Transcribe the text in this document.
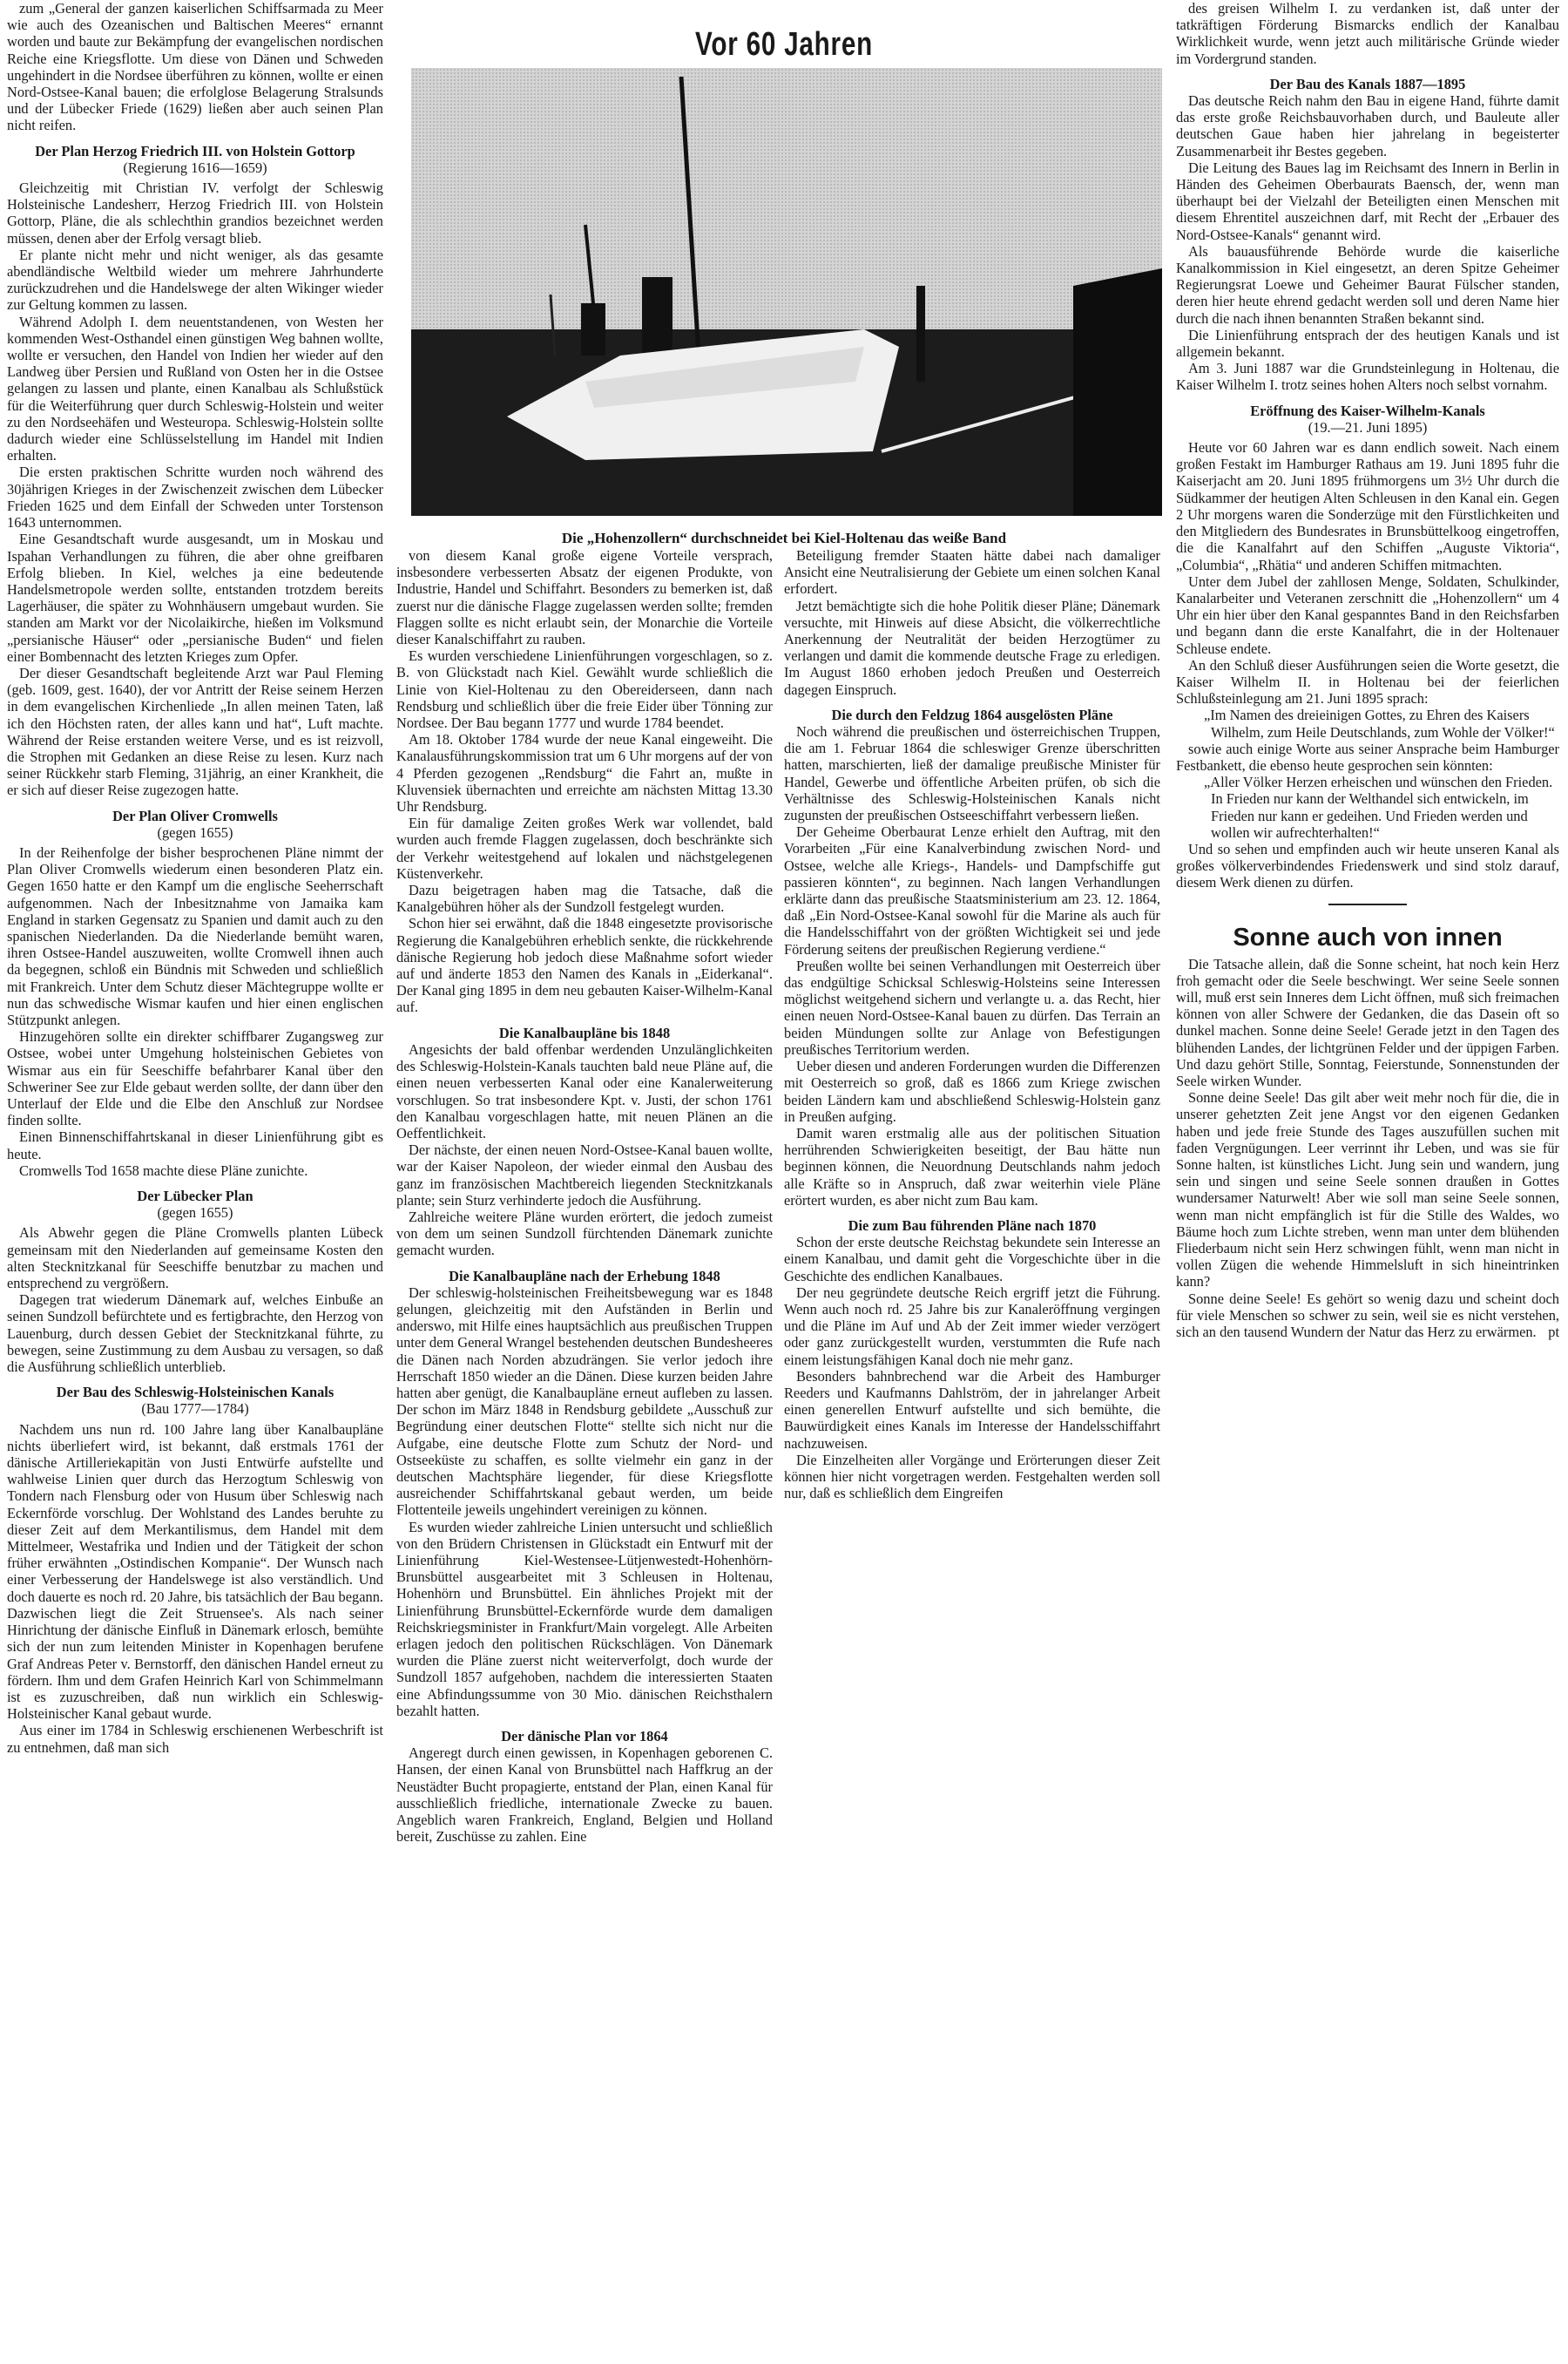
Vor 60 Jahren
Die „Hohenzollern“ durchschneidet bei Kiel-Holtenau das weiße Band

zum „General der ganzen kaiserlichen Schiffsarmada zu Meer wie auch des Ozeanischen und Baltischen Meeres“ ernannt worden und baute zur Bekämpfung der evangelischen nordischen Reiche eine Kriegsflotte. Um diese von Dänen und Schweden ungehindert in die Nordsee überführen zu können, wollte er einen Nord-Ostsee-Kanal bauen; die erfolglose Belagerung Stralsunds und der Lübecker Friede (1629) ließen aber auch seinen Plan nicht reifen.

Der Plan Herzog Friedrich III. von Holstein Gottorp
(Regierung 1616—1659)

Gleichzeitig mit Christian IV. verfolgt der Schleswig Holsteinische Landesherr, Herzog Friedrich III. von Holstein Gottorp, Pläne, die als schlechthin grandios bezeichnet werden müssen, denen aber der Erfolg versagt blieb.

Er plante nicht mehr und nicht weniger, als das gesamte abendländische Weltbild wieder um mehrere Jahrhunderte zurückzudrehen und die Handelswege der alten Wikinger wieder zur Geltung kommen zu lassen.

Während Adolph I. dem neuentstandenen, von Westen her kommenden West-Osthandel einen günstigen Weg bahnen wollte, wollte er versuchen, den Handel von Indien her wieder auf den Landweg über Persien und Rußland von Osten her in die Ostsee gelangen zu lassen und plante, einen Kanalbau als Schlußstück für die Weiterführung quer durch Schleswig-Holstein und weiter zu den Nordseehäfen und Westeuropa. Schleswig-Holstein sollte dadurch wieder eine Schlüsselstellung im Handel mit Indien erhalten.

Die ersten praktischen Schritte wurden noch während des 30jährigen Krieges in der Zwischenzeit zwischen dem Lübecker Frieden 1625 und dem Einfall der Schweden unter Torstenson 1643 unternommen.

Eine Gesandtschaft wurde ausgesandt, um in Moskau und Ispahan Verhandlungen zu führen, die aber ohne greifbaren Erfolg blieben. In Kiel, welches ja eine bedeutende Handelsmetropole werden sollte, entstanden trotzdem bereits Lagerhäuser, die später zu Wohnhäusern umgebaut wurden. Sie standen am Markt vor der Nicolaikirche, hießen im Volksmund „persianische Häuser“ oder „persianische Buden“ und fielen einer Bombennacht des letzten Krieges zum Opfer.

Der dieser Gesandtschaft begleitende Arzt war Paul Fleming (geb. 1609, gest. 1640), der vor Antritt der Reise seinem Herzen in dem evangelischen Kirchenliede „In allen meinen Taten, laß ich den Höchsten raten, der alles kann und hat“, Luft machte. Während der Reise erstanden weitere Verse, und es ist reizvoll, die Strophen mit Gedanken an diese Reise zu lesen. Kurz nach seiner Rückkehr starb Fleming, 31jährig, an einer Krankheit, die er sich auf dieser Reise zugezogen hatte.

Der Plan Oliver Cromwells
(gegen 1655)

In der Reihenfolge der bisher besprochenen Pläne nimmt der Plan Oliver Cromwells wiederum einen besonderen Platz ein. Gegen 1650 hatte er den Kampf um die englische Seeherrschaft aufgenommen. Nach der Inbesitznahme von Jamaika kam England in starken Gegensatz zu Spanien und damit auch zu den spanischen Niederlanden. Da die Niederlande bemüht waren, ihren Ostsee-Handel auszuweiten, wollte Cromwell ihnen auch da begegnen, schloß ein Bündnis mit Schweden und schließlich mit Frankreich. Unter dem Schutz dieser Mächtegruppe wollte er nun das schwedische Wismar kaufen und hier einen englischen Stützpunkt anlegen.

Hinzugehören sollte ein direkter schiffbarer Zugangsweg zur Ostsee, wobei unter Umgehung holsteinischen Gebietes von Wismar aus ein für Seeschiffe befahrbarer Kanal über den Schweriner See zur Elde gebaut werden sollte, der dann über den Unterlauf der Elde und die Elbe den Anschluß zur Nordsee finden sollte.

Einen Binnenschiffahrtskanal in dieser Linienführung gibt es heute.

Cromwells Tod 1658 machte diese Pläne zunichte.

Der Lübecker Plan
(gegen 1655)

Als Abwehr gegen die Pläne Cromwells planten Lübeck gemeinsam mit den Niederlanden auf gemeinsame Kosten den alten Stecknitzkanal für Seeschiffe benutzbar zu machen und entsprechend zu vergrößern.

Dagegen trat wiederum Dänemark auf, welches Einbuße an seinen Sundzoll befürchtete und es fertigbrachte, den Herzog von Lauenburg, durch dessen Gebiet der Stecknitzkanal führte, zu bewegen, seine Zustimmung zu dem Ausbau zu versagen, so daß die Ausführung schließlich unterblieb.

Der Bau des Schleswig-Holsteinischen Kanals
(Bau 1777—1784)

Nachdem uns nun rd. 100 Jahre lang über Kanalbaupläne nichts überliefert wird, ist bekannt, daß erstmals 1761 der dänische Artilleriekapitän von Justi Entwürfe aufstellte und wahlweise Linien quer durch das Herzogtum Schleswig von Tondern nach Flensburg oder von Husum über Schleswig nach Eckernförde vorschlug. Der Wohlstand des Landes beruhte zu dieser Zeit auf dem Merkantilismus, dem Handel mit dem Mittelmeer, Westafrika und Indien und der Tätigkeit der schon früher erwähnten „Ostindischen Kompanie“. Der Wunsch nach einer Verbesserung der Handelswege ist also verständlich. Und doch dauerte es noch rd. 20 Jahre, bis tatsächlich der Bau begann. Dazwischen liegt die Zeit Struensee's. Als nach seiner Hinrichtung der dänische Einfluß in Dänemark erlosch, bemühte sich der nun zum leitenden Minister in Kopenhagen berufene Graf Andreas Peter v. Bernstorff, den dänischen Handel erneut zu fördern. Ihm und dem Grafen Heinrich Karl von Schimmelmann ist es zuzuschreiben, daß nun wirklich ein Schleswig-Holsteinischer Kanal gebaut wurde.

Aus einer im 1784 in Schleswig erschienenen Werbeschrift ist zu entnehmen, daß man sich

von diesem Kanal große eigene Vorteile versprach, insbesondere verbesserten Absatz der eigenen Produkte, von Industrie, Handel und Schiffahrt. Besonders zu bemerken ist, daß zuerst nur die dänische Flagge zugelassen werden sollte; fremden Flaggen sollte es nicht erlaubt sein, der Monarchie die Vorteile dieser Kanalschiffahrt zu rauben.

Es wurden verschiedene Linienführungen vorgeschlagen, so z. B. von Glückstadt nach Kiel. Gewählt wurde schließlich die Linie von Kiel-Holtenau zu den Obereiderseen, dann nach Rendsburg und schließlich über die freie Eider über Tönning zur Nordsee. Der Bau begann 1777 und wurde 1784 beendet.

Am 18. Oktober 1784 wurde der neue Kanal eingeweiht. Die Kanalausführungskommission trat um 6 Uhr morgens auf der von 4 Pferden gezogenen „Rendsburg“ die Fahrt an, mußte in Kluvensiek übernachten und erreichte am nächsten Mittag 13.30 Uhr Rendsburg.

Ein für damalige Zeiten großes Werk war vollendet, bald wurden auch fremde Flaggen zugelassen, doch beschränkte sich der Verkehr weitestgehend auf lokalen und nächstgelegenen Küstenverkehr.

Dazu beigetragen haben mag die Tatsache, daß die Kanalgebühren höher als der Sundzoll festgelegt wurden.

Schon hier sei erwähnt, daß die 1848 eingesetzte provisorische Regierung die Kanalgebühren erheblich senkte, die rückkehrende dänische Regierung hob jedoch diese Maßnahme sofort wieder auf und änderte 1853 den Namen des Kanals in „Eiderkanal“. Der Kanal ging 1895 in dem neu gebauten Kaiser-Wilhelm-Kanal auf.

Die Kanalbaupläne bis 1848

Angesichts der bald offenbar werdenden Unzulänglichkeiten des Schleswig-Holstein-Kanals tauchten bald neue Pläne auf, die einen neuen verbesserten Kanal oder eine Kanalerweiterung vorschlugen. So trat insbesondere Kpt. v. Justi, der schon 1761 den Kanalbau vorgeschlagen hatte, mit neuen Plänen an die Oeffentlichkeit.

Der nächste, der einen neuen Nord-Ostsee-Kanal bauen wollte, war der Kaiser Napoleon, der wieder einmal den Ausbau des ganz im französischen Machtbereich liegenden Stecknitzkanals plante; sein Sturz verhinderte jedoch die Ausführung.

Zahlreiche weitere Pläne wurden erörtert, die jedoch zumeist von dem um seinen Sundzoll fürchtenden Dänemark zunichte gemacht wurden.

Die Kanalbaupläne nach der Erhebung 1848

Der schleswig-holsteinischen Freiheitsbewegung war es 1848 gelungen, gleichzeitig mit den Aufständen in Berlin und anderswo, mit Hilfe eines hauptsächlich aus preußischen Truppen unter dem General Wrangel bestehenden deutschen Bundesheeres die Dänen nach Norden abzudrängen. Sie verlor jedoch ihre Herrschaft 1850 wieder an die Dänen. Diese kurzen beiden Jahre hatten aber genügt, die Kanalbaupläne erneut aufleben zu lassen. Der schon im März 1848 in Rendsburg gebildete „Ausschuß zur Begründung einer deutschen Flotte“ stellte sich nicht nur die Aufgabe, eine deutsche Flotte zum Schutz der Nord- und Ostseeküste zu schaffen, es sollte vielmehr ein ganz in der deutschen Machtsphäre liegender, für diese Kriegsflotte ausreichender Schiffahrtskanal gebaut werden, um beide Flottenteile jeweils ungehindert vereinigen zu können.

Es wurden wieder zahlreiche Linien untersucht und schließlich von den Brüdern Christensen in Glückstadt ein Entwurf mit der Linienführung Kiel-Westensee-Lütjenwestedt-Hohenhörn-Brunsbüttel ausgearbeitet mit 3 Schleusen in Holtenau, Hohenhörn und Brunsbüttel. Ein ähnliches Projekt mit der Linienführung Brunsbüttel-Eckernförde wurde dem damaligen Reichskriegsminister in Frankfurt/Main vorgelegt. Alle Arbeiten erlagen jedoch den politischen Rückschlägen. Von Dänemark wurden die Pläne zuerst nicht weiterverfolgt, doch wurde der Sundzoll 1857 aufgehoben, nachdem die interessierten Staaten eine Abfindungssumme von 30 Mio. dänischen Reichsthalern bezahlt hatten.

Der dänische Plan vor 1864

Angeregt durch einen gewissen, in Kopenhagen geborenen C. Hansen, der einen Kanal von Brunsbüttel nach Haffkrug an der Neustädter Bucht propagierte, entstand der Plan, einen Kanal für ausschließlich friedliche, internationale Zwecke zu bauen. Angeblich waren Frankreich, England, Belgien und Holland bereit, Zuschüsse zu zahlen. Eine

Beteiligung fremder Staaten hätte dabei nach damaliger Ansicht eine Neutralisierung der Gebiete um einen solchen Kanal erfordert.

Jetzt bemächtigte sich die hohe Politik dieser Pläne; Dänemark versuchte, mit Hinweis auf diese Absicht, die völkerrechtliche Anerkennung der Neutralität der beiden Herzogtümer zu verlangen und damit die kommende deutsche Frage zu erledigen. Im August 1860 erhoben jedoch Preußen und Oesterreich dagegen Einspruch.

Die durch den Feldzug 1864 ausgelösten Pläne

Noch während die preußischen und österreichischen Truppen, die am 1. Februar 1864 die schleswiger Grenze überschritten hatten, marschierten, ließ der damalige preußische Minister für Handel, Gewerbe und öffentliche Arbeiten prüfen, ob sich die Verhältnisse des Schleswig-Holsteinischen Kanals nicht zugunsten der preußischen Ostseeschiffahrt verbessern ließen.

Der Geheime Oberbaurat Lenze erhielt den Auftrag, mit den Vorarbeiten „Für eine Kanalverbindung zwischen Nord- und Ostsee, welche alle Kriegs-, Handels- und Dampfschiffe gut passieren könnten“, zu beginnen. Nach langen Verhandlungen erklärte dann das preußische Staatsministerium am 23. 12. 1864, daß „Ein Nord-Ostsee-Kanal sowohl für die Marine als auch für die Handelsschiffahrt von der größten Wichtigkeit sei und jede Förderung seitens der preußischen Regierung verdiene.“

Preußen wollte bei seinen Verhandlungen mit Oesterreich über das endgültige Schicksal Schleswig-Holsteins seine Interessen möglichst weitgehend sichern und verlangte u. a. das Recht, hier einen neuen Nord-Ostsee-Kanal bauen zu dürfen. Das Terrain an beiden Mündungen sollte zur Anlage von Befestigungen preußisches Territorium werden.

Ueber diesen und anderen Forderungen wurden die Differenzen mit Oesterreich so groß, daß es 1866 zum Kriege zwischen beiden Ländern kam und abschließend Schleswig-Holstein ganz in Preußen aufging.

Damit waren erstmalig alle aus der politischen Situation herrührenden Schwierigkeiten beseitigt, der Bau hätte nun beginnen können, die Neuordnung Deutschlands nahm jedoch alle Kräfte so in Anspruch, daß zwar weiterhin viele Pläne erörtert wurden, es aber nicht zum Bau kam.

Die zum Bau führenden Pläne nach 1870

Schon der erste deutsche Reichstag bekundete sein Interesse an einem Kanalbau, und damit geht die Vorgeschichte über in die Geschichte des endlichen Kanalbaues.

Der neu gegründete deutsche Reich ergriff jetzt die Führung. Wenn auch noch rd. 25 Jahre bis zur Kanaleröffnung vergingen und die Pläne im Auf und Ab der Zeit immer wieder verzögert oder ganz zurückgestellt wurden, verstummten die Rufe nach einem leistungsfähigen Kanal doch nie mehr ganz.

Besonders bahnbrechend war die Arbeit des Hamburger Reeders und Kaufmanns Dahlström, der in jahrelanger Arbeit einen generellen Entwurf aufstellte und sich bemühte, die Bauwürdigkeit eines Kanals im Interesse der Handelsschiffahrt nachzuweisen.

Die Einzelheiten aller Vorgänge und Erörterungen dieser Zeit können hier nicht vorgetragen werden. Festgehalten werden soll nur, daß es schließlich dem Eingreifen

des greisen Wilhelm I. zu verdanken ist, daß unter der tatkräftigen Förderung Bismarcks endlich der Kanalbau Wirklichkeit wurde, wenn jetzt auch militärische Gründe wieder im Vordergrund standen.

Der Bau des Kanals 1887—1895

Das deutsche Reich nahm den Bau in eigene Hand, führte damit das erste große Reichsbauvorhaben durch, und Bauleute aller deutschen Gaue haben hier jahrelang in begeisterter Zusammenarbeit ihr Bestes gegeben.

Die Leitung des Baues lag im Reichsamt des Innern in Berlin in Händen des Geheimen Oberbaurats Baensch, der, wenn man überhaupt bei der Vielzahl der Beteiligten einen Menschen mit diesem Ehrentitel auszeichnen darf, mit Recht der „Erbauer des Nord-Ostsee-Kanals“ genannt wird.

Als bauausführende Behörde wurde die kaiserliche Kanalkommission in Kiel eingesetzt, an deren Spitze Geheimer Regierungsrat Loewe und Geheimer Baurat Fülscher standen, deren hier heute ehrend gedacht werden soll und deren Name hier durch die nach ihnen benannten Straßen bekannt sind.

Die Linienführung entsprach der des heutigen Kanals und ist allgemein bekannt.

Am 3. Juni 1887 war die Grundsteinlegung in Holtenau, die Kaiser Wilhelm I. trotz seines hohen Alters noch selbst vornahm.

Eröffnung des Kaiser-Wilhelm-Kanals
(19.—21. Juni 1895)

Heute vor 60 Jahren war es dann endlich soweit. Nach einem großen Festakt im Hamburger Rathaus am 19. Juni 1895 fuhr die Kaiserjacht am 20. Juni 1895 frühmorgens um 3½ Uhr durch die Südkammer der heutigen Alten Schleusen in den Kanal ein. Gegen 2 Uhr morgens waren die Sonderzüge mit den Fürstlichkeiten und den Mitgliedern des Bundesrates in Brunsbüttelkoog eingetroffen, die die Kanalfahrt auf den Schiffen „Auguste Viktoria“, „Columbia“, „Rhätia“ und anderen Schiffen mitmachten.

Unter dem Jubel der zahllosen Menge, Soldaten, Schulkinder, Kanalarbeiter und Veteranen zerschnitt die „Hohenzollern“ um 4 Uhr ein hier über den Kanal gespanntes Band in den Reichsfarben und begann dann die erste Kanalfahrt, die in der Holtenauer Schleuse endete.

An den Schluß dieser Ausführungen seien die Worte gesetzt, die Kaiser Wilhelm II. in Holtenau bei der feierlichen Schlußsteinlegung am 21. Juni 1895 sprach:

„Im Namen des dreieinigen Gottes, zu Ehren des Kaisers Wilhelm, zum Heile Deutschlands, zum Wohle der Völker!“

sowie auch einige Worte aus seiner Ansprache beim Hamburger Festbankett, die ebenso heute gesprochen sein könnten:

„Aller Völker Herzen erheischen und wünschen den Frieden. In Frieden nur kann der Welthandel sich entwickeln, im Frieden nur kann er gedeihen. Und Frieden werden und wollen wir aufrechterhalten!“

Und so sehen und empfinden auch wir heute unseren Kanal als großes völkerverbindendes Friedenswerk und sind stolz darauf, diesem Werk dienen zu dürfen.

Sonne auch von innen

Die Tatsache allein, daß die Sonne scheint, hat noch kein Herz froh gemacht oder die Seele beschwingt. Wer seine Seele sonnen will, muß erst sein Inneres dem Licht öffnen, muß sich freimachen können von aller Schwere der Gedanken, die das Dasein oft so dunkel machen. Sonne deine Seele! Gerade jetzt in den Tagen des blühenden Landes, der lichtgrünen Felder und der üppigen Farben. Und dazu gehört Stille, Sonntag, Feierstunde, Sonnenstunden der Seele wirken Wunder.

Sonne deine Seele! Das gilt aber weit mehr noch für die, die in unserer gehetzten Zeit jene Angst vor den eigenen Gedanken haben und jede freie Stunde des Tages auszufüllen suchen mit faden Vergnügungen. Leer verrinnt ihr Leben, und was sie für Sonne halten, ist künstliches Licht. Jung sein und wandern, jung sein und singen und seine Seele sonnen draußen in Gottes wundersamer Naturwelt! Aber wie soll man seine Seele sonnen, wenn man nicht empfänglich ist für die Stille des Waldes, wo Bäume hoch zum Lichte streben, wenn man unter dem blühenden Fliederbaum nicht sein Herz schwingen fühlt, wenn man nicht in vollen Zügen die wehende Himmelsluft in sich hineintrinken kann?

Sonne deine Seele! Es gehört so wenig dazu und scheint doch für viele Menschen so schwer zu sein, weil sie es nicht verstehen, sich an den tausend Wundern der Natur das Herz zu erwärmen. pt
